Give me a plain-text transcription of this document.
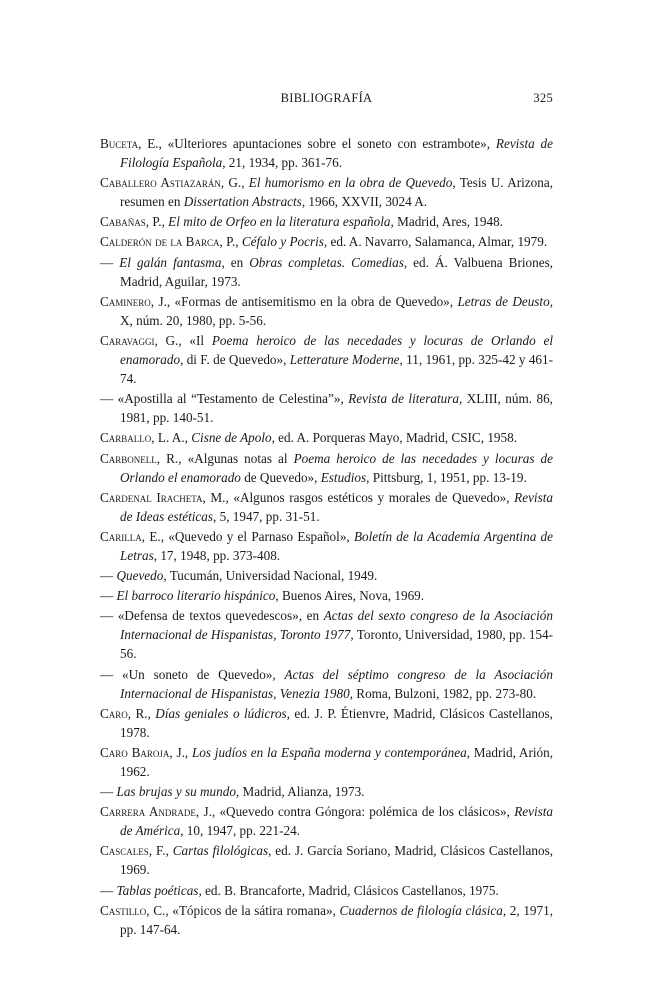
BIBLIOGRAFÍA	325

Buceta, E., «Ulteriores apuntaciones sobre el soneto con estrambote», Revista de Filología Española, 21, 1934, pp. 361-76.

Caballero Astiazarán, G., El humorismo en la obra de Quevedo, Tesis U. Arizona, resumen en Dissertation Abstracts, 1966, XXVII, 3024 A.

Cabañas, P., El mito de Orfeo en la literatura española, Madrid, Ares, 1948.

Calderón de la Barca, P., Céfalo y Pocris, ed. A. Navarro, Salamanca, Almar, 1979.

— El galán fantasma, en Obras completas. Comedias, ed. Á. Valbuena Briones, Madrid, Aguilar, 1973.

Caminero, J., «Formas de antisemitismo en la obra de Quevedo», Letras de Deusto, X, núm. 20, 1980, pp. 5-56.

Caravaggi, G., «Il Poema heroico de las necedades y locuras de Orlando el enamorado, di F. de Quevedo», Letterature Moderne, 11, 1961, pp. 325-42 y 461-74.

— «Apostilla al “Testamento de Celestina”», Revista de literatura, XLIII, núm. 86, 1981, pp. 140-51.

Carballo, L. A., Cisne de Apolo, ed. A. Porqueras Mayo, Madrid, CSIC, 1958.

Carbonell, R., «Algunas notas al Poema heroico de las necedades y locuras de Orlando el enamorado de Quevedo», Estudios, Pittsburg, 1, 1951, pp. 13-19.

Cardenal Iracheta, M., «Algunos rasgos estéticos y morales de Quevedo», Revista de Ideas estéticas, 5, 1947, pp. 31-51.

Carilla, E., «Quevedo y el Parnaso Español», Boletín de la Academia Argentina de Letras, 17, 1948, pp. 373-408.

— Quevedo, Tucumán, Universidad Nacional, 1949.

— El barroco literario hispánico, Buenos Aires, Nova, 1969.

— «Defensa de textos quevedescos», en Actas del sexto congreso de la Asociación Internacional de Hispanistas, Toronto 1977, Toronto, Universidad, 1980, pp. 154-56.

— «Un soneto de Quevedo», Actas del séptimo congreso de la Asociación Internacional de Hispanistas, Venezia 1980, Roma, Bulzoni, 1982, pp. 273-80.

Caro, R., Días geniales o lúdicros, ed. J. P. Étienvre, Madrid, Clásicos Castellanos, 1978.

Caro Baroja, J., Los judíos en la España moderna y contemporánea, Madrid, Arión, 1962.

— Las brujas y su mundo, Madrid, Alianza, 1973.

Carrera Andrade, J., «Quevedo contra Góngora: polémica de los clásicos», Revista de América, 10, 1947, pp. 221-24.

Cascales, F., Cartas filológicas, ed. J. García Soriano, Madrid, Clásicos Castellanos, 1969.

— Tablas poéticas, ed. B. Brancaforte, Madrid, Clásicos Castellanos, 1975.

Castillo, C., «Tópicos de la sátira romana», Cuadernos de filología clásica, 2, 1971, pp. 147-64.
